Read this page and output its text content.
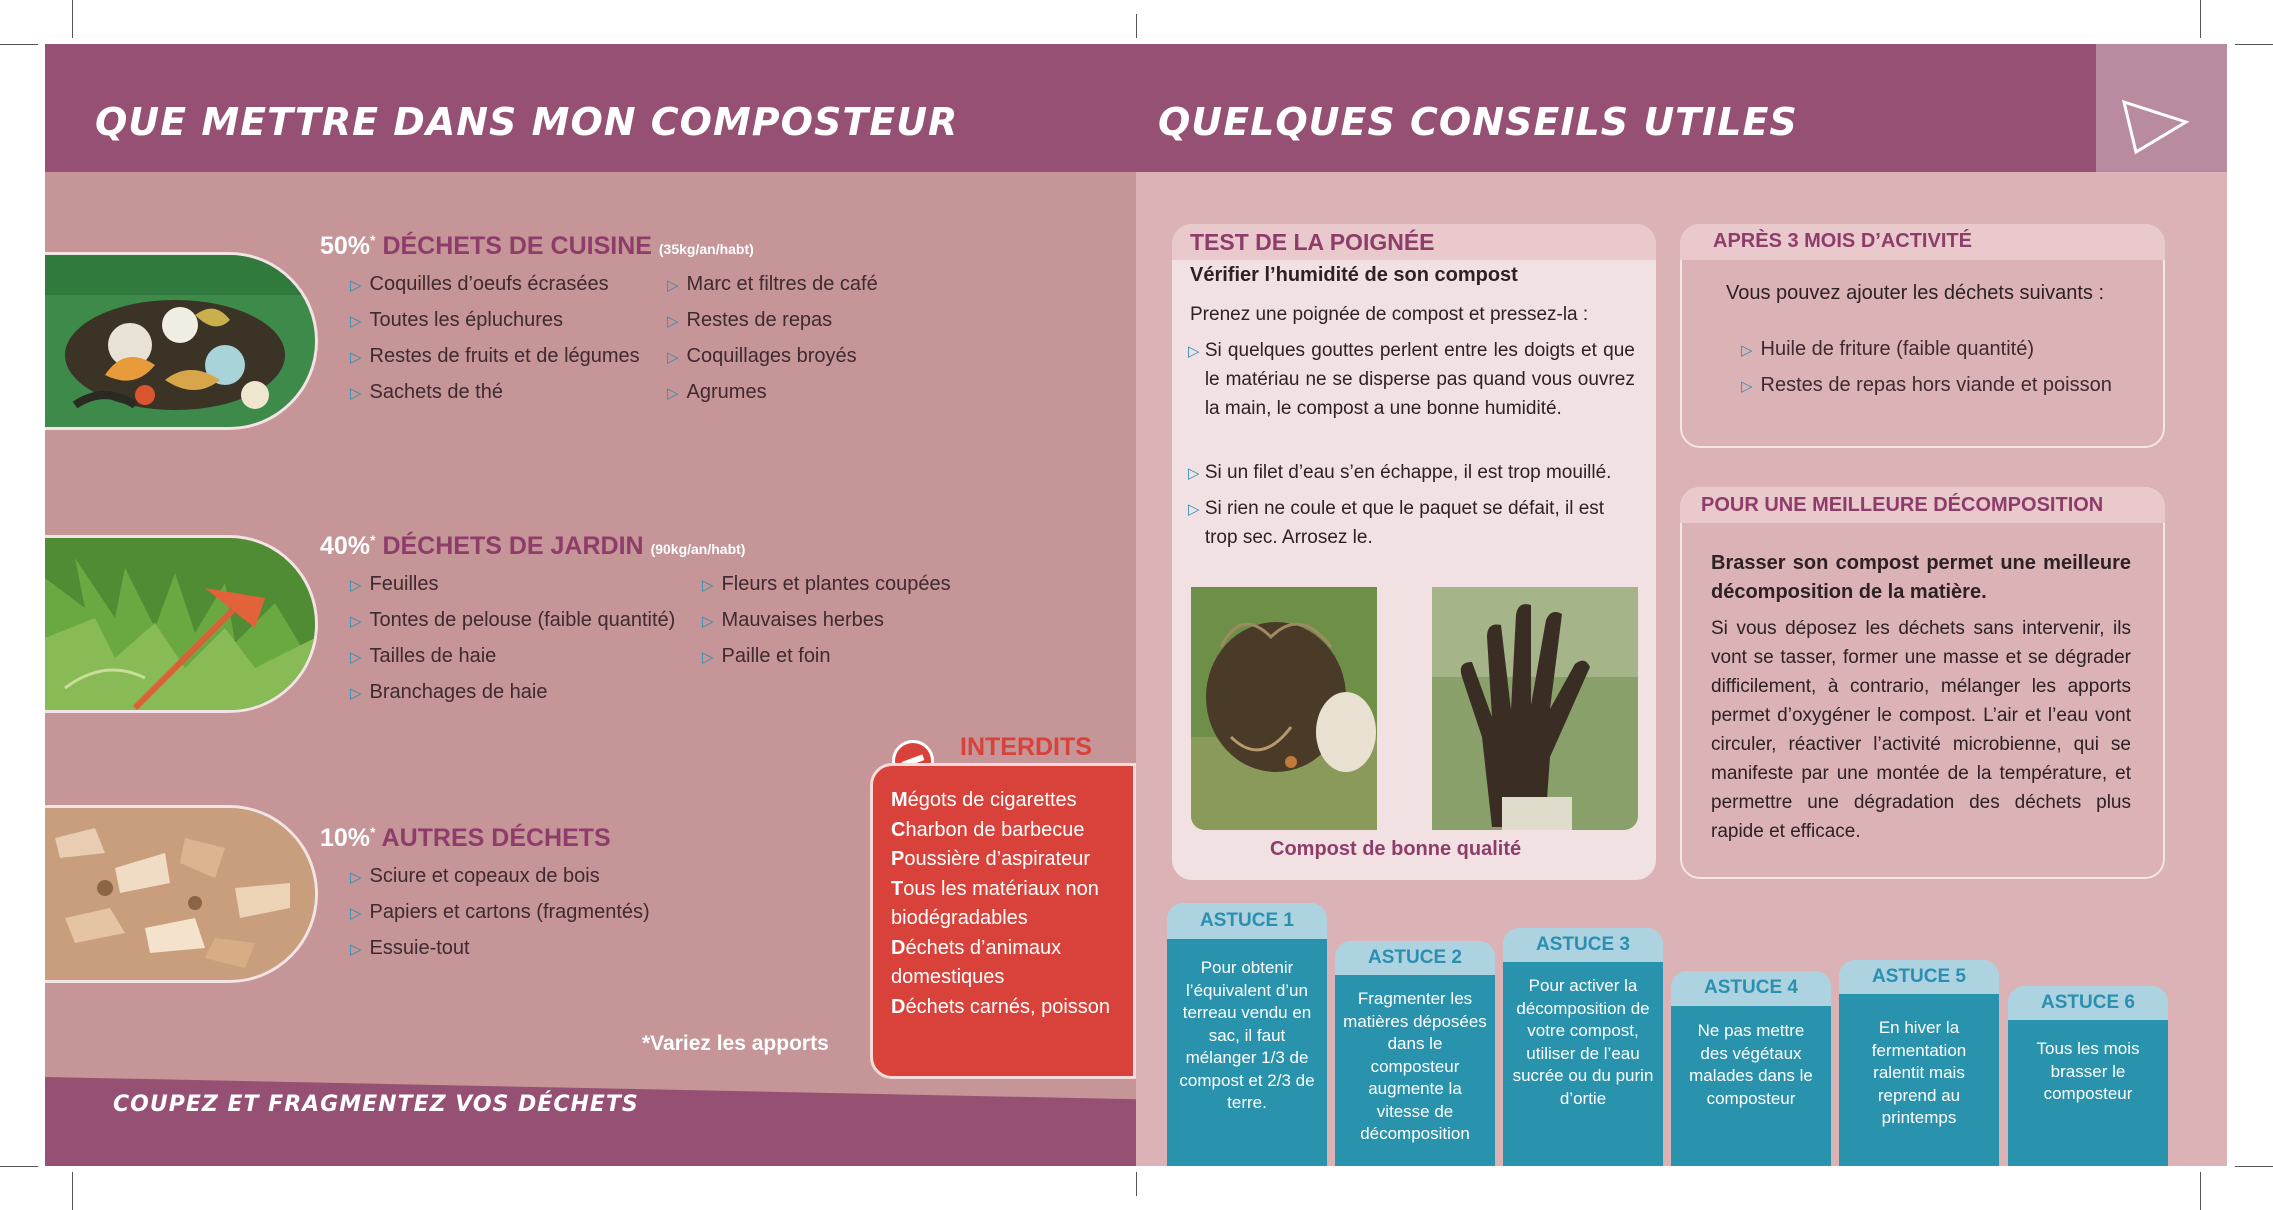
QUE METTRE DANS MON COMPOSTEUR
50%* DÉCHETS DE CUISINE (35kg/an/habt)
▷ Coquilles d’oeufs écrasées
▷ Toutes les épluchures
▷ Restes de fruits et de légumes
▷ Sachets de thé
▷ Marc et filtres de café
▷ Restes de repas
▷ Coquillages broyés
▷ Agrumes
40%* DÉCHETS DE JARDIN (90kg/an/habt)
▷ Feuilles
▷ Tontes de pelouse (faible quantité)
▷ Tailles de haie
▷ Branchages de haie
▷ Fleurs et plantes coupées
▷ Mauvaises herbes
▷ Paille et foin
10%* AUTRES DÉCHETS
▷ Sciure et copeaux de bois
▷ Papiers et cartons (fragmentés)
▷ Essuie-tout
INTERDITS
Mégots de cigarettes
Charbon de barbecue
Poussière d’aspirateur
Tous les matériaux non biodégradables
Déchets d’animaux domestiques
Déchets carnés, poisson
*Variez les apports
COUPEZ ET FRAGMENTEZ VOS DÉCHETS
QUELQUES CONSEILS UTILES
TEST DE LA POIGNÉE
Vérifier l’humidité de son compost
Prenez une poignée de compost et pressez-la :
▷ Si quelques gouttes perlent entre les doigts et que le matériau ne se disperse pas quand vous ouvrez la main, le compost a une bonne humidité.
▷ Si un filet d’eau s’en échappe, il est trop mouillé.
▷ Si rien ne coule et que le paquet se défait, il est trop sec. Arrosez le.
Compost de bonne qualité
APRÈS 3 MOIS D’ACTIVITÉ
Vous pouvez ajouter les déchets suivants :
▷ Huile de friture (faible quantité)
▷ Restes de repas hors viande et poisson
POUR UNE MEILLEURE DÉCOMPOSITION
Brasser son compost permet une meilleure décomposition de la matière.
Si vous déposez les déchets sans intervenir, ils vont se tasser, former une masse et se dégrader difficilement, à contrario, mélanger les apports permet d’oxygéner le compost. L’air et l’eau vont circuler, réactiver l’activité microbienne, qui se manifeste par une montée de la température, et permettre une dégradation des déchets plus rapide et efficace.
ASTUCE 1
Pour obtenir l’équivalent d’un terreau vendu en sac, il faut mélanger 1/3 de compost et 2/3 de terre.
ASTUCE 2
Fragmenter les matières déposées dans le composteur augmente la vitesse de décomposition
ASTUCE 3
Pour activer la décomposition de votre compost, utiliser de l’eau sucrée ou du purin d’ortie
ASTUCE 4
Ne pas mettre des végétaux malades dans le composteur
ASTUCE 5
En hiver la fermentation ralentit mais reprend au printemps
ASTUCE 6
Tous les mois brasser le composteur
